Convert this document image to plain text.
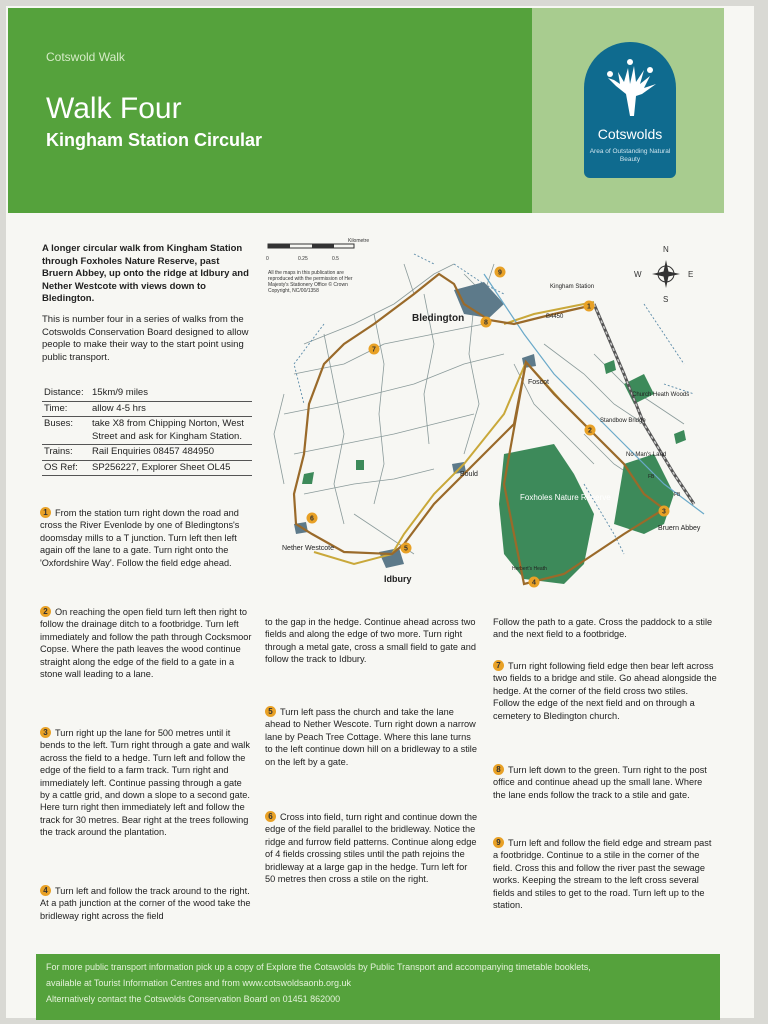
Cotswold Walk
Walk Four
Kingham Station Circular	Cotswolds
Area of Outstanding Natural Beauty
A longer circular walk from Kingham Station through Foxholes Nature Reserve, past Bruern Abbey, up onto the ridge at Idbury and Nether Westcote with views down to Bledington.
This is number four in a series of walks from the Cotswolds Conservation Board designed to allow people to make their way to the start point using public transport.
Distance:	15km/9 miles
Time:	allow 4-5 hrs
Buses:	take X8 from Chipping Norton, West Street and ask for Kingham Station.
Trains:	Rail Enquiries 08457 484950
OS Ref:	SP256227, Explorer Sheet OL45
0	0.25	0.5
Kilometre
All the maps in this publication are reproduced with the permission of Her Majesty's Stationery Office © Crown Copyright, NC/00/1358
N
S
E
W
1
2
3
4
5
6
7
8
9
Bledington
Kingham Station
Foscot
Church Heath Woods
Standbow Bridge
No Man's Land
Bould
Foxholes Nature Reserve
Bruern Abbey
Nether Westcote
Idbury
Herbert's Heath
B4450
FB
FB
1 From the station turn right down the road and cross the River Evenlode by one of Bledingtons's doomsday mills to a T junction. Turn left then left again off the lane to a gate. Turn right onto the 'Oxfordshire Way'. Follow the field edge ahead.
2 On reaching the open field turn left then right to follow the drainage ditch to a footbridge. Turn left immediately and follow the path through Cocksmoor Copse. Where the path leaves the wood continue straight along the edge of the field to a gate in a stone wall leading to a lane.
3 Turn right up the lane for 500 metres until it bends to the left. Turn right through a gate and walk across the field to a hedge. Turn left and follow the edge of the field to a farm track. Turn right and immediately left. Continue passing through a gate by a cattle grid, and down a slope to a second gate. Here turn right then immediately left and follow the track for 30 metres. Bear right at the trees following the track around the plantation.
4 Turn left and follow the track around to the right. At a path junction at the corner of the wood take the bridleway right across the field
to the gap in the hedge. Continue ahead across two fields and along the edge of two more. Turn right through a metal gate, cross a small field to gate and follow the track to Idbury.
5 Turn left pass the church and take the lane ahead to Nether Wescote. Turn right down a narrow lane by Peach Tree Cottage. Where this lane turns to the left continue down hill on a bridleway to a stile on the left by a gate.
6 Cross into field, turn right and continue down the edge of the field parallel to the bridleway. Notice the ridge and furrow field patterns. Continue along edge of 4 fields crossing stiles until the path rejoins the bridleway at a large gap in the hedge. Turn left for 50 metres then cross a stile on the right.
Follow the path to a gate. Cross the paddock to a stile and the next field to a footbridge.
7 Turn right following field edge then bear left across two fields to a bridge and stile. Go ahead alongside the hedge. At the corner of the field cross two stiles. Follow the edge of the next field and on through a cemetery to Bledington church.
8 Turn left down to the green. Turn right to the post office and continue ahead up the small lane. Where the lane ends follow the track to a stile and gate.
9 Turn left and follow the field edge and stream past a footbridge. Continue to a stile in the corner of the field. Cross this and follow the river past the sewage works. Keeping the stream to the left cross several fields and stiles to get to the road. Turn left up to the station.

For more public transport information pick up a copy of Explore the Cotswolds by Public Transport and accompanying timetable booklets,

available at Tourist Information Centres and from www.cotswoldsaonb.org.uk

Alternatively contact the Cotswolds Conservation Board on 01451 862000
